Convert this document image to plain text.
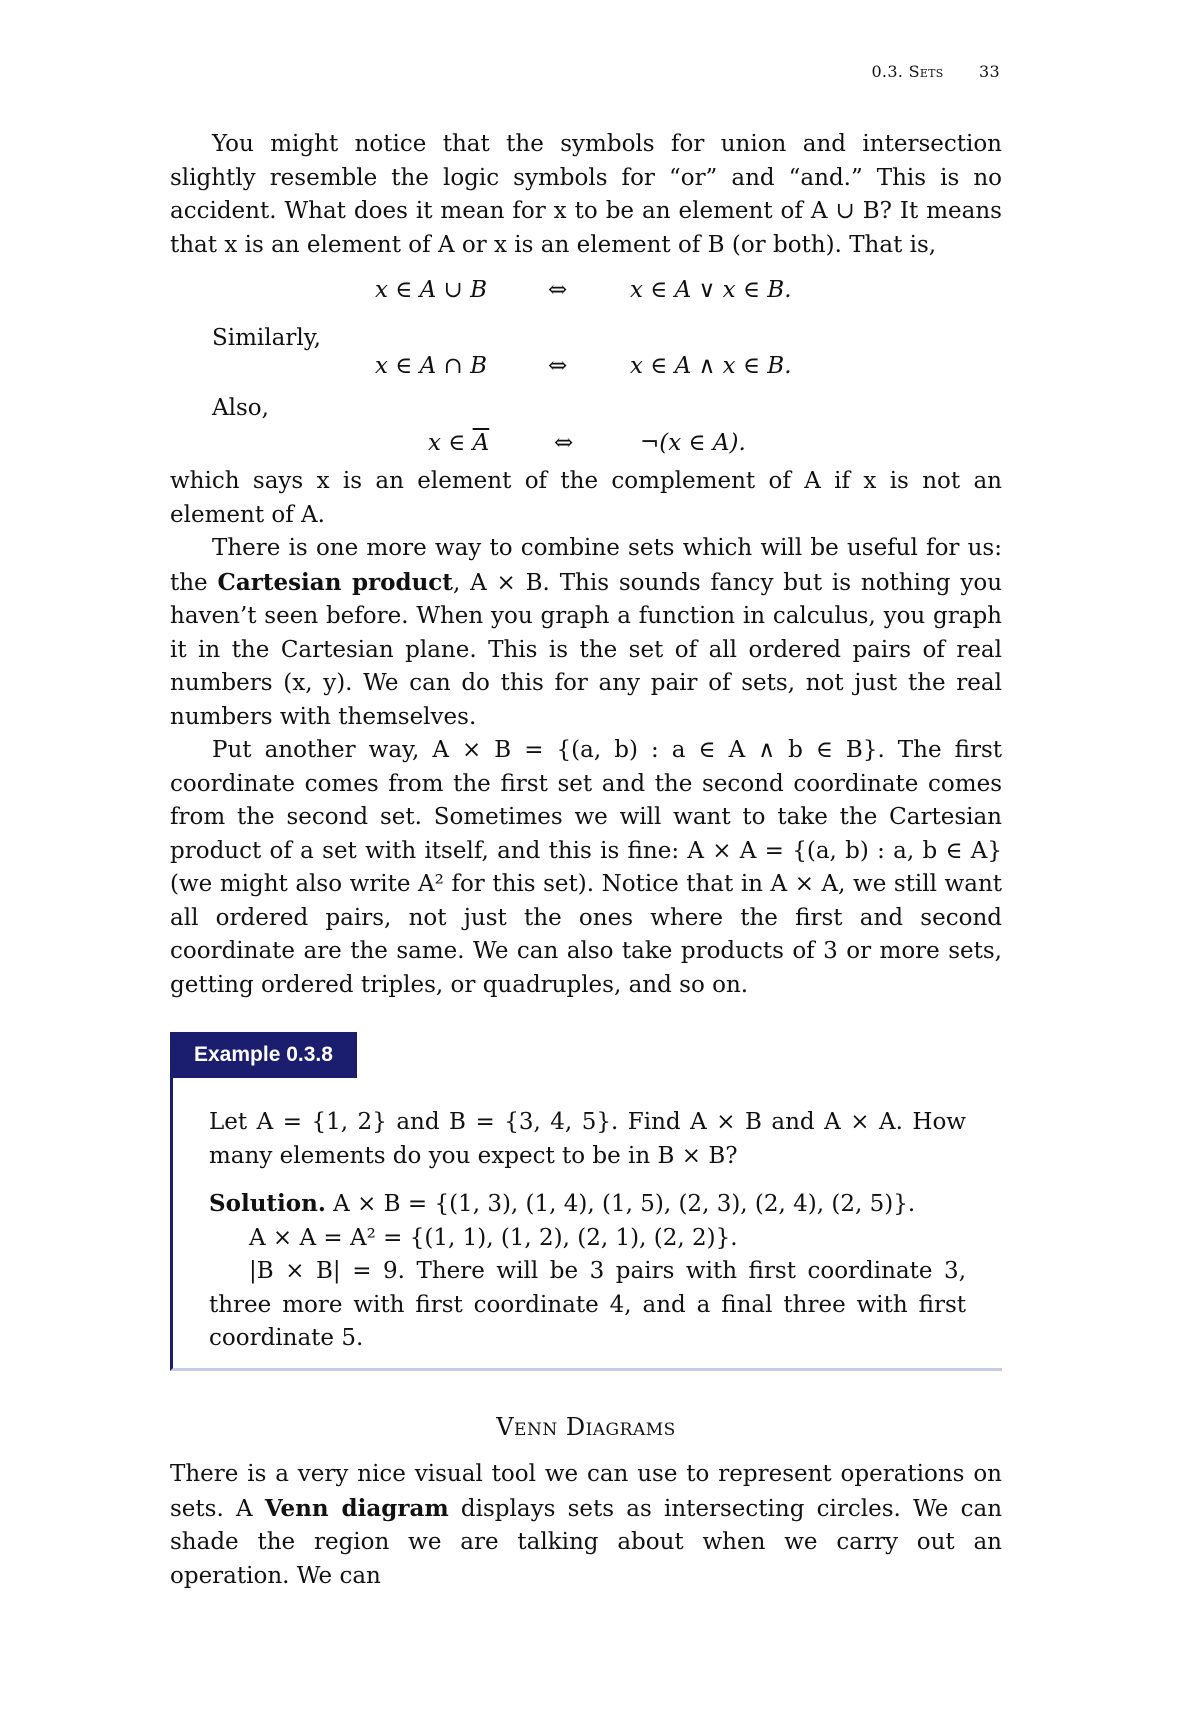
0.3. Sets 33

You might notice that the symbols for union and intersection slightly resemble the logic symbols for “or” and “and.” This is no accident. What does it mean for x to be an element of A ∪ B? It means that x is an element of A or x is an element of B (or both). That is,

x ∈ A ∪ B	⇔	x ∈ A ∨ x ∈ B.

Similarly,

x ∈ A ∩ B	⇔	x ∈ A ∧ x ∈ B.

Also,

x ∈ $\overline{A}$	⇔	¬(x ∈ A).

which says x is an element of the complement of A if x is not an element of A.

There is one more way to combine sets which will be useful for us: the Cartesian product, A × B. This sounds fancy but is nothing you haven’t seen before. When you graph a function in calculus, you graph it in the Cartesian plane. This is the set of all ordered pairs of real numbers (x, y). We can do this for any pair of sets, not just the real numbers with themselves.

Put another way, A × B = {(a, b) : a ∈ A ∧ b ∈ B}. The first coordinate comes from the first set and the second coordinate comes from the second set. Sometimes we will want to take the Cartesian product of a set with itself, and this is fine: A × A = {(a, b) : a, b ∈ A} (we might also write A² for this set). Notice that in A × A, we still want all ordered pairs, not just the ones where the first and second coordinate are the same. We can also take products of 3 or more sets, getting ordered triples, or quadruples, and so on.

Example 0.3.8

Let A = {1, 2} and B = {3, 4, 5}. Find A × B and A × A. How many elements do you expect to be in B × B?

Solution. A × B = {(1, 3), (1, 4), (1, 5), (2, 3), (2, 4), (2, 5)}.

A × A = A² = {(1, 1), (1, 2), (2, 1), (2, 2)}.

|B × B| = 9. There will be 3 pairs with first coordinate 3, three more with first coordinate 4, and a final three with first coordinate 5.

Venn Diagrams

There is a very nice visual tool we can use to represent operations on sets. A Venn diagram displays sets as intersecting circles. We can shade the region we are talking about when we carry out an operation. We can
